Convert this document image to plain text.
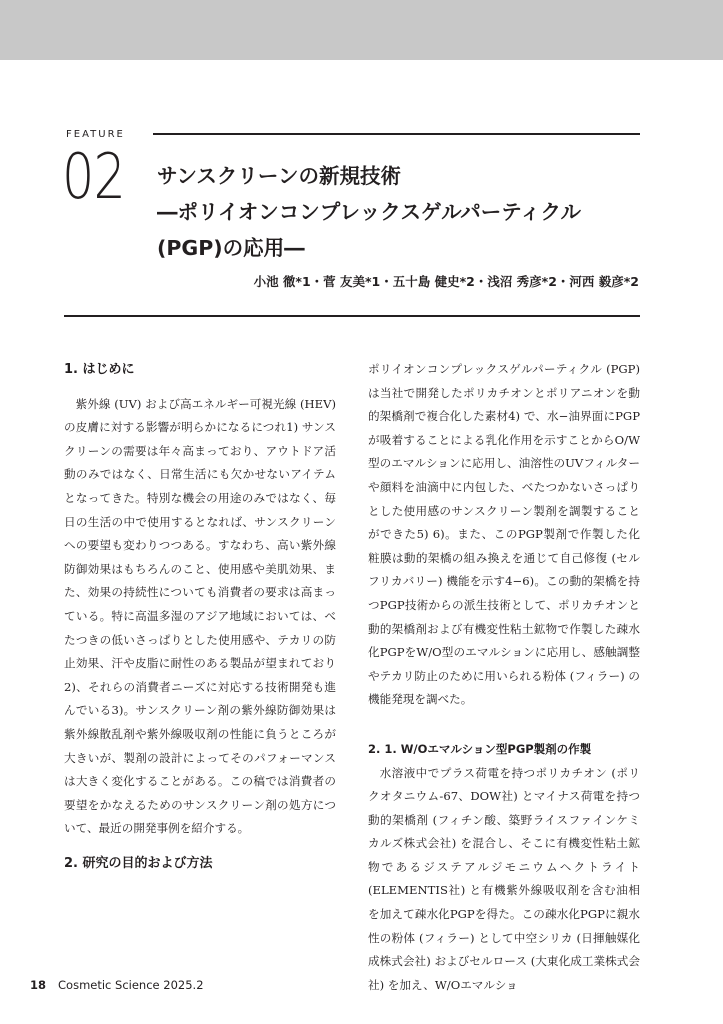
FEATURE
02 サンスクリーンの新規技術
―ポリイオンコンプレックスゲルパーティクル
(PGP)の応用―
小池 徹*1・菅 友美*1・五十島 健史*2・浅沼 秀彦*2・河西 毅彦*2
1. はじめに

紫外線 (UV) および高エネルギー可視光線 (HEV) の皮膚に対する影響が明らかになるにつれ1) サンスクリーンの需要は年々高まっており、アウトドア活動のみではなく、日常生活にも欠かせないアイテムとなってきた。特別な機会の用途のみではなく、毎日の生活の中で使用するとなれば、サンスクリーンへの要望も変わりつつある。すなわち、高い紫外線防御効果はもちろんのこと、使用感や美肌効果、また、効果の持続性についても消費者の要求は高まっている。特に高温多湿のアジア地域においては、べたつきの低いさっぱりとした使用感や、テカリの防止効果、汗や皮脂に耐性のある製品が望まれており2)、それらの消費者ニーズに対応する技術開発も進んでいる3)。サンスクリーン剤の紫外線防御効果は紫外線散乱剤や紫外線吸収剤の性能に負うところが大きいが、製剤の設計によってそのパフォーマンスは大きく変化することがある。この稿では消費者の要望をかなえるためのサンスクリーン剤の処方について、最近の開発事例を紹介する。

2. 研究の目的および方法

ポリイオンコンプレックスゲルパーティクル (PGP) は当社で開発したポリカチオンとポリアニオンを動的架橋剤で複合化した素材4) で、水−油界面にPGPが吸着することによる乳化作用を示すことからO/W型のエマルションに応用し、油溶性のUVフィルターや顔料を油滴中に内包した、べたつかないさっぱりとした使用感のサンスクリーン製剤を調製することができた5) 6)。また、このPGP製剤で作製した化粧膜は動的架橋の組み換えを通じて自己修復 (セルフリカバリー) 機能を示す4−6)。この動的架橋を持つPGP技術からの派生技術として、ポリカチオンと動的架橋剤および有機変性粘土鉱物で作製した疎水化PGPをW/O型のエマルションに応用し、感触調整やテカリ防止のために用いられる粉体 (フィラー) の機能発現を調べた。

2. 1. W/Oエマルション型PGP製剤の作製

水溶液中でプラス荷電を持つポリカチオン (ポリクオタニウム-67、DOW社) とマイナス荷電を持つ動的架橋剤 (フィチン酸、築野ライスファインケミカルズ株式会社) を混合し、そこに有機変性粘土鉱物であるジステアルジモニウムヘクトライト (ELEMENTIS社) と有機紫外線吸収剤を含む油相を加えて疎水化PGPを得た。この疎水化PGPに親水性の粉体 (フィラー) として中空シリカ (日揮触媒化成株式会社) およびセルロース (大東化成工業株式会社) を加え、W/Oエマルショ

18 Cosmetic Science 2025.2
